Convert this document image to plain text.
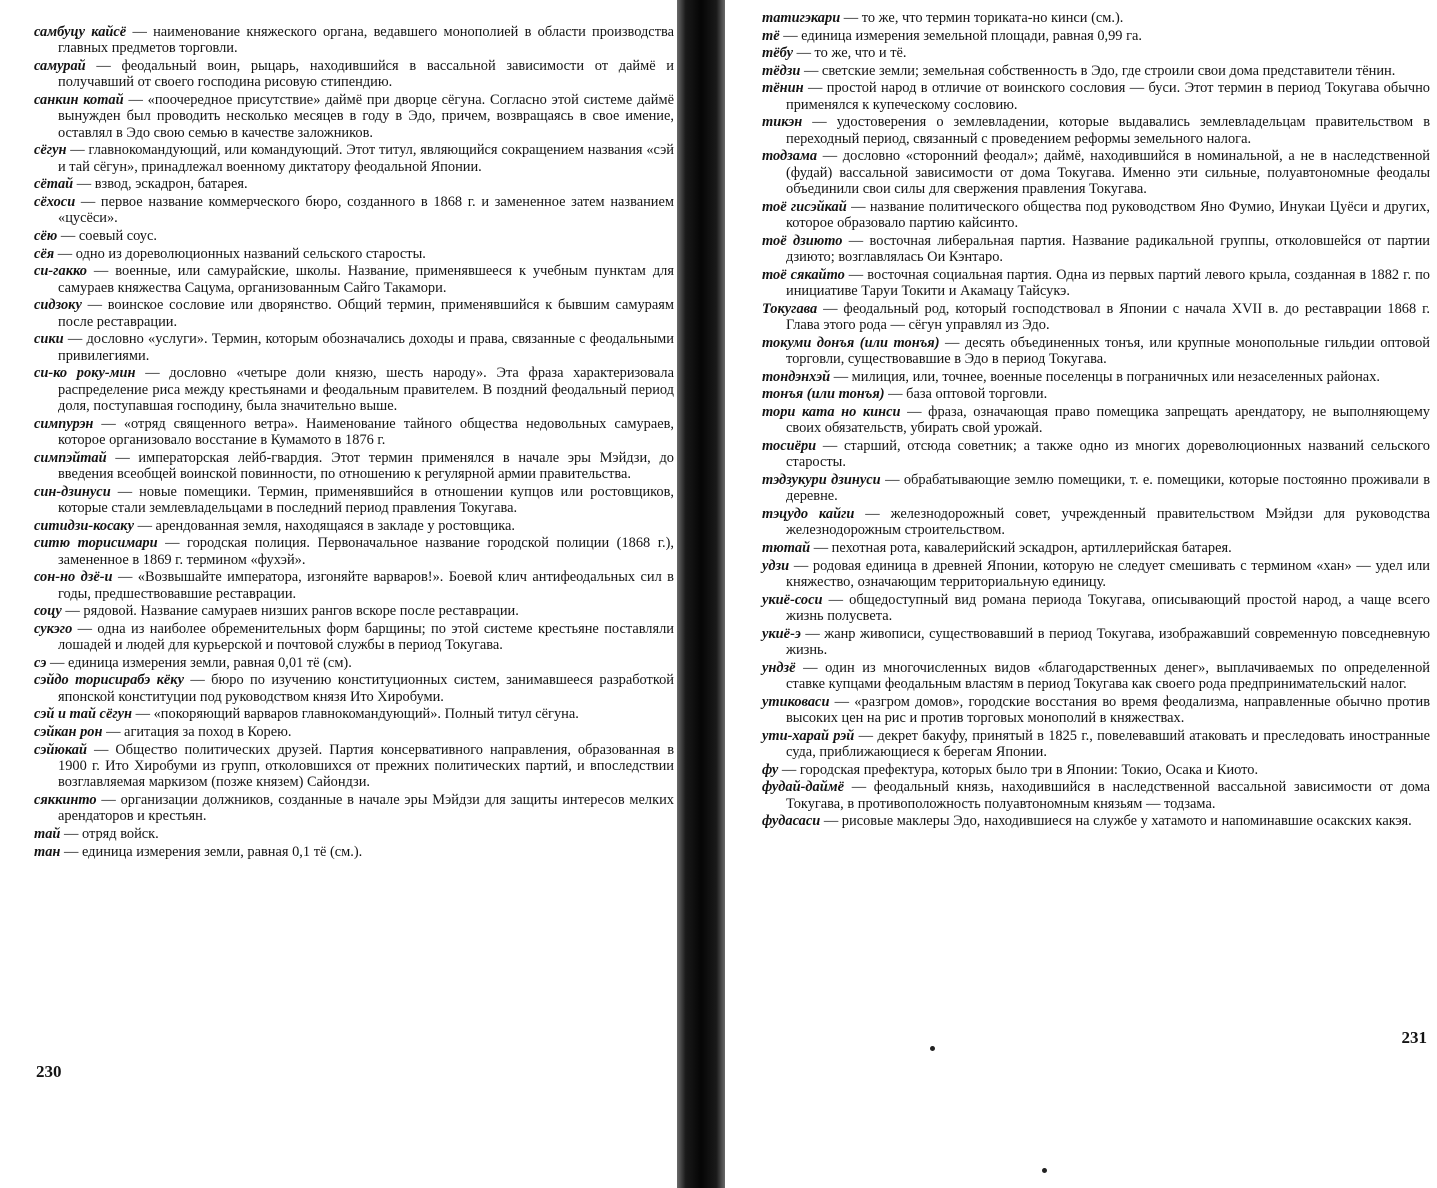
самбуцу кайсё — наименование княжеского органа, ведавшего монополией в области производства главных предметов торговли.

самурай — феодальный воин, рыцарь, находившийся в вассальной зависимости от даймё и получавший от своего господина рисовую стипендию.

санкин котай — «поочередное присутствие» даймё при дворце сёгуна. Согласно этой системе даймё вынужден был проводить несколько месяцев в году в Эдо, причем, возвращаясь в свое имение, оставлял в Эдо свою семью в качестве заложников.

сёгун — главнокомандующий, или командующий. Этот титул, являющийся сокращением названия «сэй и тай сёгун», принадлежал военному диктатору феодальной Японии.

сётай — взвод, эскадрон, батарея.

сёхоси — первое название коммерческого бюро, созданного в 1868 г. и замененное затем названием «цусёси».

сёю — соевый соус.

сёя — одно из дореволюционных названий сельского старосты.

си-гакко — военные, или самурайские, школы. Название, применявшееся к учебным пунктам для самураев княжества Сацума, организованным Сайго Такамори.

сидзоку — воинское сословие или дворянство. Общий термин, применявшийся к бывшим самураям после реставрации.

сики — дословно «услуги». Термин, которым обозначались доходы и права, связанные с феодальными привилегиями.

си-ко року-мин — дословно «четыре доли князю, шесть народу». Эта фраза характеризовала распределение риса между крестьянами и феодальным правителем. В поздний феодальный период доля, поступавшая господину, была значительно выше.

симпурэн — «отряд священного ветра». Наименование тайного общества недовольных самураев, которое организовало восстание в Кумамото в 1876 г.

симпэйтай — императорская лейб-гвардия. Этот термин применялся в начале эры Мэйдзи, до введения всеобщей воинской повинности, по отношению к регулярной армии правительства.

син-дзинуси — новые помещики. Термин, применявшийся в отношении купцов или ростовщиков, которые стали землевладельцами в последний период правления Токугава.

ситидзи-косаку — арендованная земля, находящаяся в закладе у ростовщика.

ситю торисимари — городская полиция. Первоначальное название городской полиции (1868 г.), замененное в 1869 г. термином «фухэй».

сон-но дзё-и — «Возвышайте императора, изгоняйте варваров!». Боевой клич антифеодальных сил в годы, предшествовавшие реставрации.

соцу — рядовой. Название самураев низших рангов вскоре после реставрации.

сукэго — одна из наиболее обременительных форм барщины; по этой системе крестьяне поставляли лошадей и людей для курьерской и почтовой службы в период Токугава.

сэ — единица измерения земли, равная 0,01 тё (см).

сэйдо торисирабэ кёку — бюро по изучению конституционных систем, занимавшееся разработкой японской конституции под руководством князя Ито Хиробуми.

сэй и тай сёгун — «покоряющий варваров главнокомандующий». Полный титул сёгуна.

сэйкан рон — агитация за поход в Корею.

сэйюкай — Общество политических друзей. Партия консервативного направления, образованная в 1900 г. Ито Хиробуми из групп, отколовшихся от прежних политических партий, и впоследствии возглавляемая маркизом (позже князем) Сайондзи.

сяккинто — организации должников, созданные в начале эры Мэйдзи для защиты интересов мелких арендаторов и крестьян.

тай — отряд войск.

тан — единица измерения земли, равная 0,1 тё (см.).

230

татигэкари — то же, что термин ториката-но кинси (см.).

тё — единица измерения земельной площади, равная 0,99 га.

тёбу — то же, что и тё.

тёдзи — светские земли; земельная собственность в Эдо, где строили свои дома представители тёнин.

тёнин — простой народ в отличие от воинского сословия — буси. Этот термин в период Токугава обычно применялся к купеческому сословию.

тикэн — удостоверения о землевладении, которые выдавались землевладельцам правительством в переходный период, связанный с проведением реформы земельного налога.

тодзама — дословно «сторонний феодал»; даймё, находившийся в номинальной, а не в наследственной (фудай) вассальной зависимости от дома Токугава. Именно эти сильные, полуавтономные феодалы объединили свои силы для свержения правления Токугава.

тоё гисэйкай — название политического общества под руководством Яно Фумио, Инукаи Цуёси и других, которое образовало партию кайсинто.

тоё дзиюто — восточная либеральная партия. Название радикальной группы, отколовшейся от партии дзиюто; возглавлялась Ои Кэнтаро.

тоё сякайто — восточная социальная партия. Одна из первых партий левого крыла, созданная в 1882 г. по инициативе Таруи Токити и Акамацу Тайсукэ.

Токугава — феодальный род, который господствовал в Японии с начала XVII в. до реставрации 1868 г. Глава этого рода — сёгун управлял из Эдо.

токуми донъя (или тонъя) — десять объединенных тонъя, или крупные монопольные гильдии оптовой торговли, существовавшие в Эдо в период Токугава.

тондэнхэй — милиция, или, точнее, военные поселенцы в пограничных или незаселенных районах.

тонъя (или тонъя) — база оптовой торговли.

тори ката но кинси — фраза, означающая право помещика запрещать арендатору, не выполняющему своих обязательств, убирать свой урожай.

тосиёри — старший, отсюда советник; а также одно из многих дореволюционных названий сельского старосты.

тэдзукури дзинуси — обрабатывающие землю помещики, т. е. помещики, которые постоянно проживали в деревне.

тэцудо кайги — железнодорожный совет, учрежденный правительством Мэйдзи для руководства железнодорожным строительством.

тютай — пехотная рота, кавалерийский эскадрон, артиллерийская батарея.

удзи — родовая единица в древней Японии, которую не следует смешивать с термином «хан» — удел или княжество, означающим территориальную единицу.

укиё-соси — общедоступный вид романа периода Токугава, описывающий простой народ, а чаще всего жизнь полусвета.

укиё-э — жанр живописи, существовавший в период Токугава, изображавший современную повседневную жизнь.

ундзё — один из многочисленных видов «благодарственных денег», выплачиваемых по определенной ставке купцами феодальным властям в период Токугава как своего рода предпринимательский налог.

утиковаси — «разгром домов», городские восстания во время феодализма, направленные обычно против высоких цен на рис и против торговых монополий в княжествах.

ути-харай рэй — декрет бакуфу, принятый в 1825 г., повелевавший атаковать и преследовать иностранные суда, приближающиеся к берегам Японии.

фу — городская префектура, которых было три в Японии: Токио, Осака и Киото.

фудай-даймё — феодальный князь, находившийся в наследственной вассальной зависимости от дома Токугава, в противоположность полуавтономным князьям — тодзама.

фудасаси — рисовые маклеры Эдо, находившиеся на службе у хатамото и напоминавшие осакских какэя.

231
